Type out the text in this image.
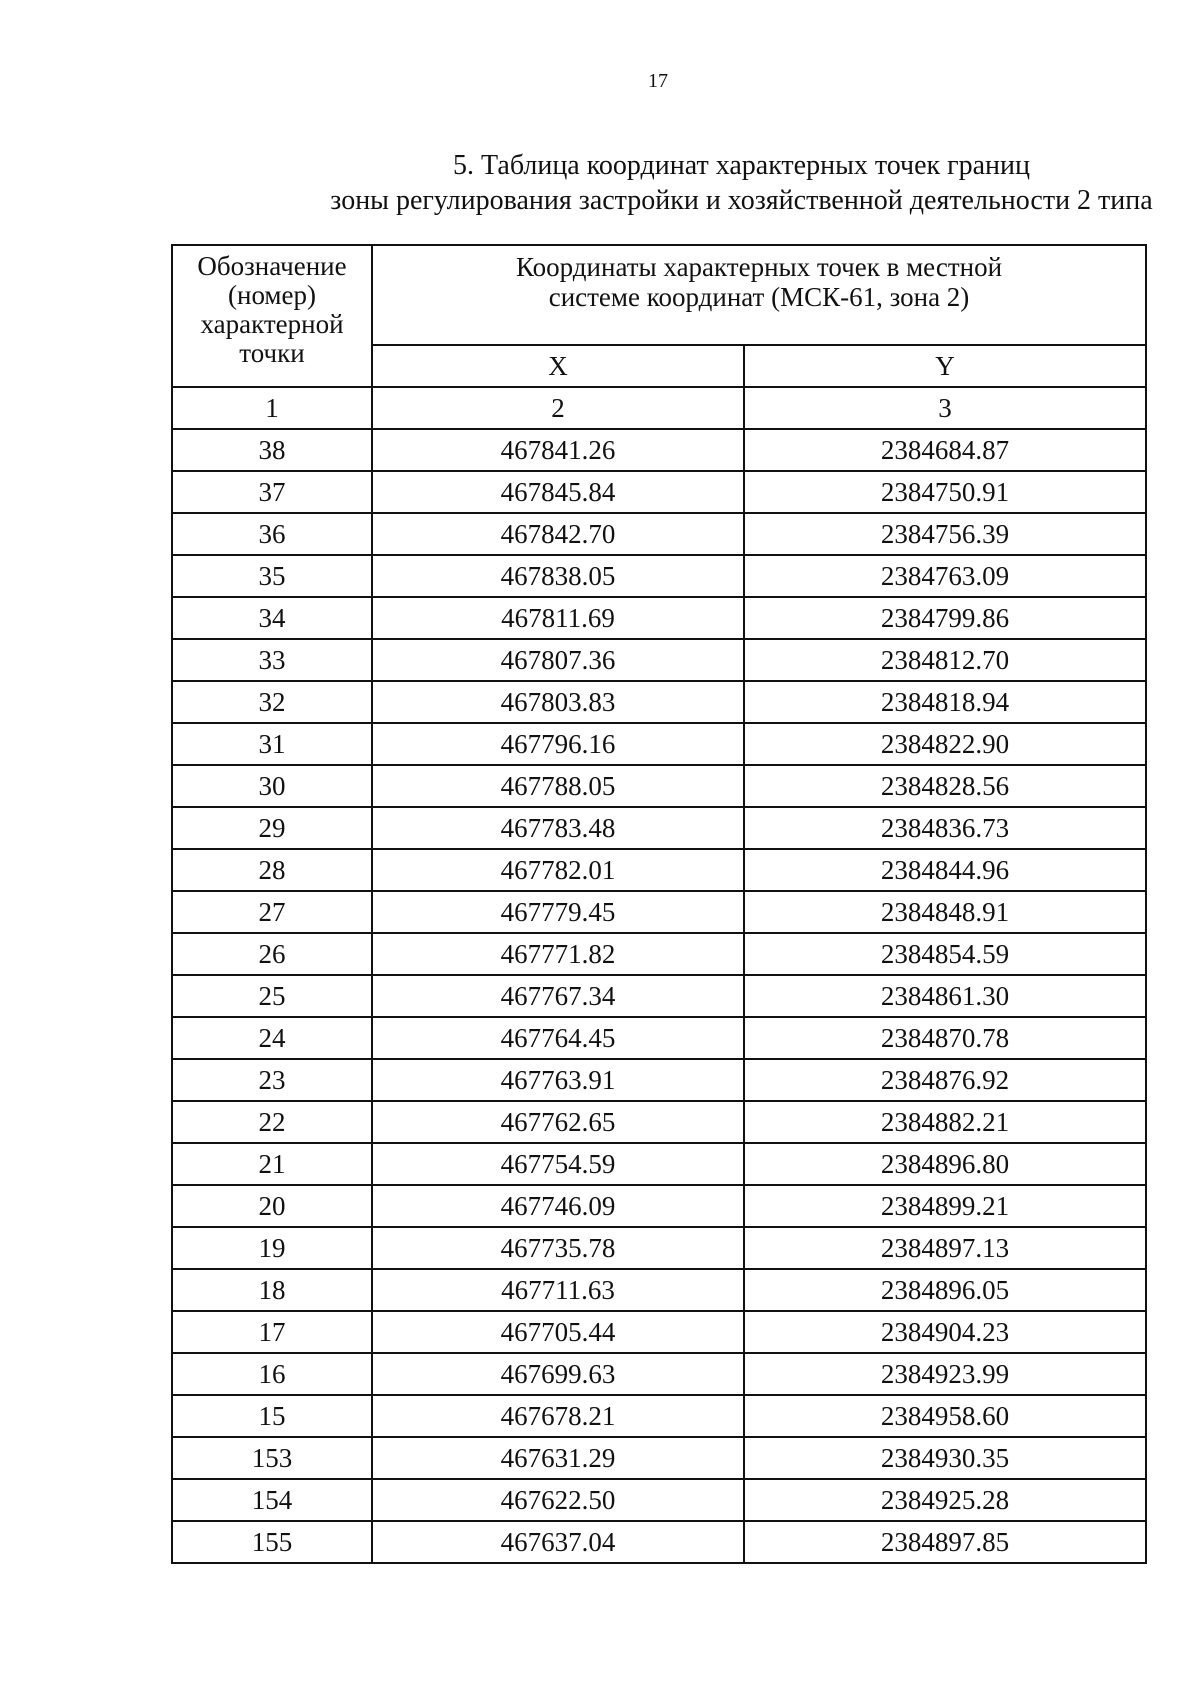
17
5. Таблица координат характерных точек границ
зоны регулирования застройки и хозяйственной деятельности 2 типа
Обозначение (номер) характерной точки	Координаты характерных точек в местной
системе координат (МСК-61, зона 2)	

	X	Y
1	2	3
38	467841.26	2384684.87
37	467845.84	2384750.91
36	467842.70	2384756.39
35	467838.05	2384763.09
34	467811.69	2384799.86
33	467807.36	2384812.70
32	467803.83	2384818.94
31	467796.16	2384822.90
30	467788.05	2384828.56
29	467783.48	2384836.73
28	467782.01	2384844.96
27	467779.45	2384848.91
26	467771.82	2384854.59
25	467767.34	2384861.30
24	467764.45	2384870.78
23	467763.91	2384876.92
22	467762.65	2384882.21
21	467754.59	2384896.80
20	467746.09	2384899.21
19	467735.78	2384897.13
18	467711.63	2384896.05
17	467705.44	2384904.23
16	467699.63	2384923.99
15	467678.21	2384958.60
153	467631.29	2384930.35
154	467622.50	2384925.28
155	467637.04	2384897.85
